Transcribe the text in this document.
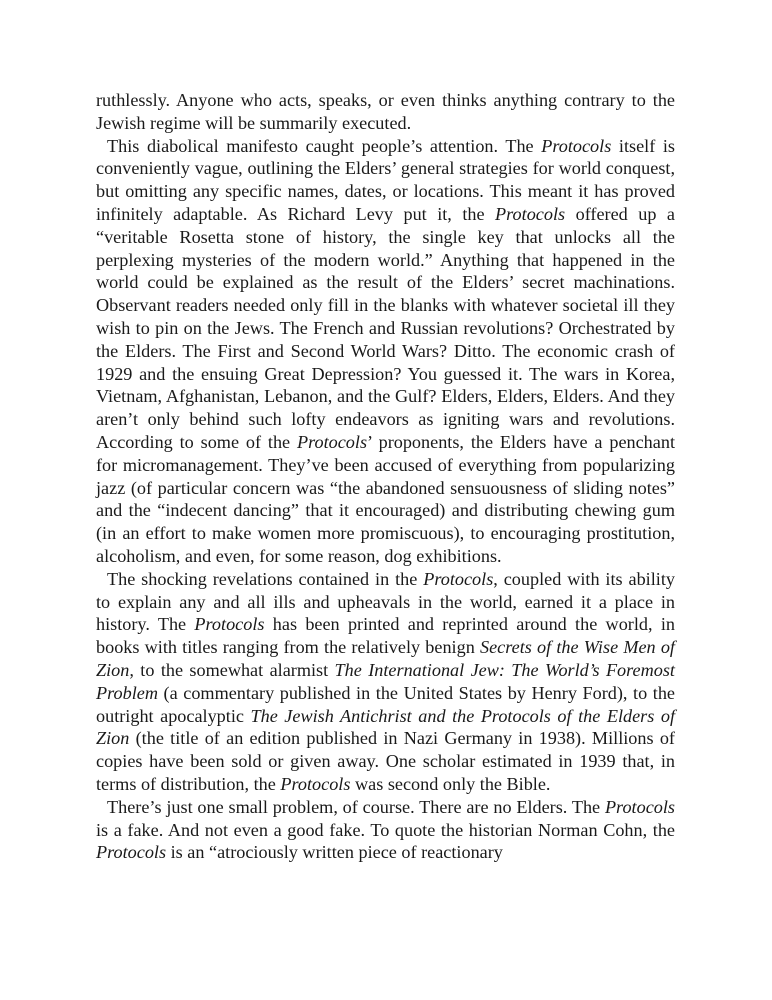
ruthlessly. Anyone who acts, speaks, or even thinks anything contrary to the Jewish regime will be summarily executed.

This diabolical manifesto caught people’s attention. The Protocols itself is conveniently vague, outlining the Elders’ general strategies for world conquest, but omitting any specific names, dates, or locations. This meant it has proved infinitely adaptable. As Richard Levy put it, the Protocols offered up a “veritable Rosetta stone of history, the single key that unlocks all the perplexing mysteries of the modern world.” Anything that happened in the world could be explained as the result of the Elders’ secret machinations. Observant readers needed only fill in the blanks with whatever societal ill they wish to pin on the Jews. The French and Russian revolutions? Orchestrated by the Elders. The First and Second World Wars? Ditto. The economic crash of 1929 and the ensuing Great Depression? You guessed it. The wars in Korea, Vietnam, Afghanistan, Lebanon, and the Gulf? Elders, Elders, Elders. And they aren’t only behind such lofty endeavors as igniting wars and revolutions. According to some of the Protocols’ proponents, the Elders have a penchant for micromanagement. They’ve been accused of everything from popularizing jazz (of particular concern was “the abandoned sensuousness of sliding notes” and the “indecent dancing” that it encouraged) and distributing chewing gum (in an effort to make women more promiscuous), to encouraging prostitution, alcoholism, and even, for some reason, dog exhibitions.

The shocking revelations contained in the Protocols, coupled with its ability to explain any and all ills and upheavals in the world, earned it a place in history. The Protocols has been printed and reprinted around the world, in books with titles ranging from the relatively benign Secrets of the Wise Men of Zion, to the somewhat alarmist The International Jew: The World’s Foremost Problem (a commentary published in the United States by Henry Ford), to the outright apocalyptic The Jewish Antichrist and the Protocols of the Elders of Zion (the title of an edition published in Nazi Germany in 1938). Millions of copies have been sold or given away. One scholar estimated in 1939 that, in terms of distribution, the Protocols was second only the Bible.

There’s just one small problem, of course. There are no Elders. The Protocols is a fake. And not even a good fake. To quote the historian Norman Cohn, the Protocols is an “atrociously written piece of reactionary
